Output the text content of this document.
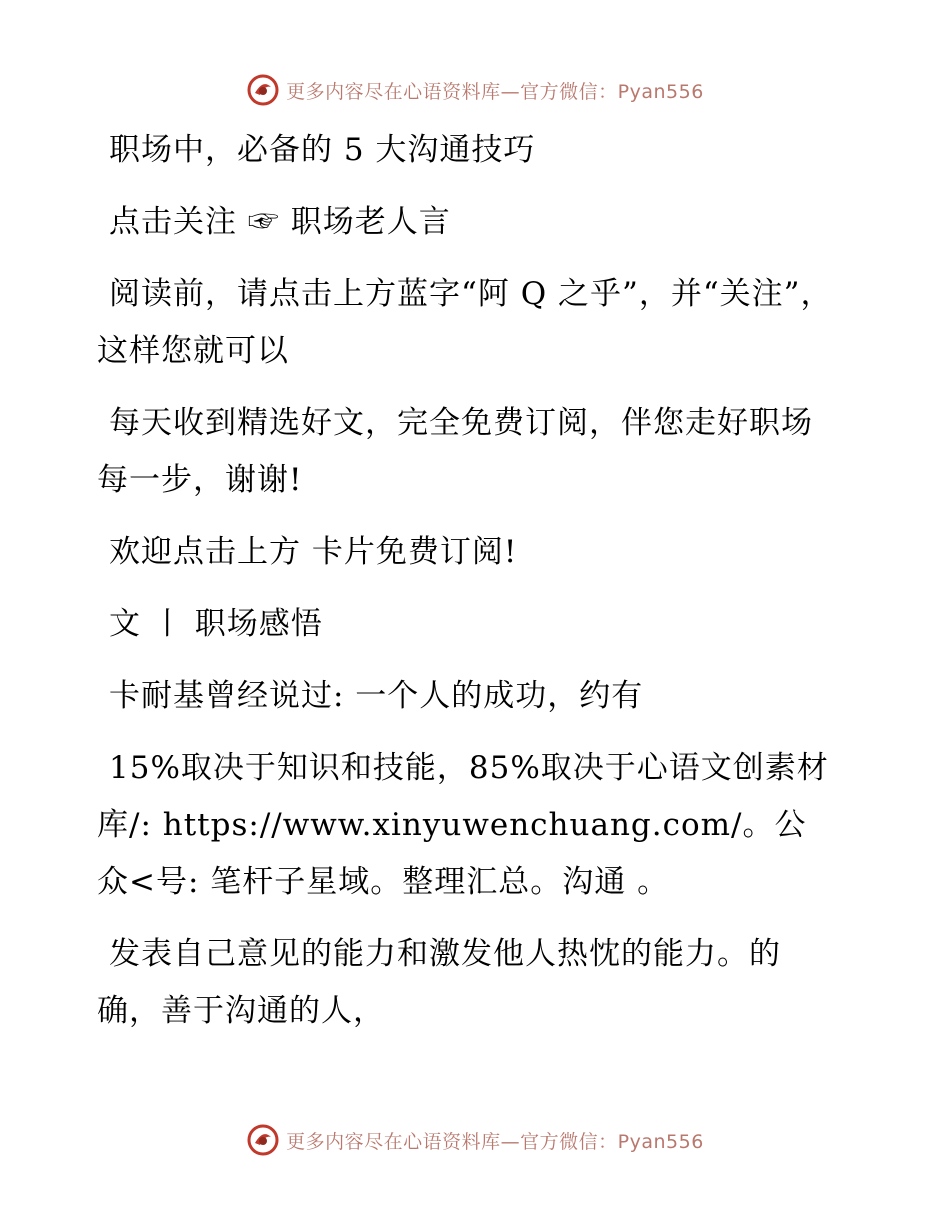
更多内容尽在心语资料库—官方微信：Pyan556

职场中，必备的 5 大沟通技巧

点击关注 ☞ 职场老人言

阅读前，请点击上方蓝字“阿 Q 之乎”，并“关注”，这样您就可以

每天收到精选好文，完全免费订阅，伴您走好职场每一步，谢谢!

欢迎点击上方 卡片免费订阅!

文 丨 职场感悟

卡耐基曾经说过: 一个人的成功，约有

15%取决于知识和技能，85%取决于心语文创素材库/: https://www.xinyuwenchuang.com/。公众<号: 笔杆子星域。整理汇总。沟通 。

发表自己意见的能力和激发他人热忱的能力。的确，善于沟通的人，

更多内容尽在心语资料库—官方微信：Pyan556
